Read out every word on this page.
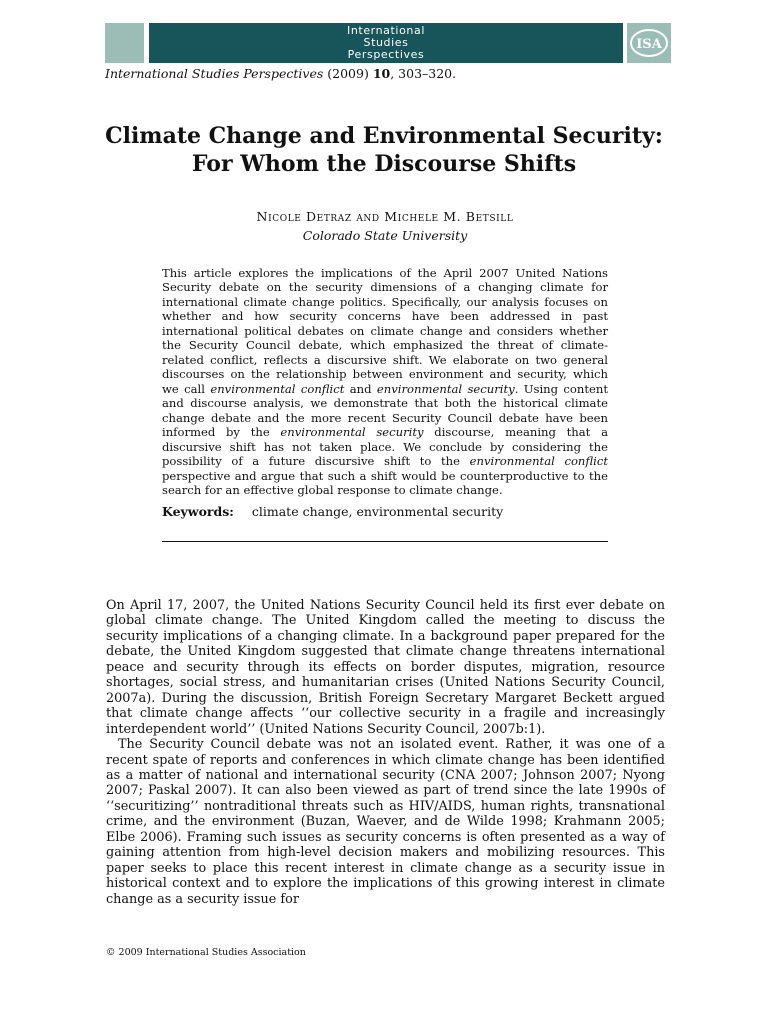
International
Studies
Perspectives
ISA
International Studies Perspectives (2009) 10, 303–320.
Climate Change and Environmental Security:
For Whom the Discourse Shifts
Nicole Detraz and Michele M. Betsill
Colorado State University

This article explores the implications of the April 2007 United Nations Security debate on the security dimensions of a changing climate for international climate change politics. Specifically, our analysis focuses on whether and how security concerns have been addressed in past international political debates on climate change and considers whether the Security Council debate, which emphasized the threat of climate-related conflict, reflects a discursive shift. We elaborate on two general discourses on the relationship between environment and security, which we call environmental conflict and environmental security. Using content and discourse analysis, we demonstrate that both the historical climate change debate and the more recent Security Council debate have been informed by the environmental security discourse, meaning that a discursive shift has not taken place. We conclude by considering the possibility of a future discursive shift to the environmental conflict perspective and argue that such a shift would be counterproductive to the search for an effective global response to climate change.

Keywords: climate change, environmental security

On April 17, 2007, the United Nations Security Council held its first ever debate on global climate change. The United Kingdom called the meeting to discuss the security implications of a changing climate. In a background paper prepared for the debate, the United Kingdom suggested that climate change threatens international peace and security through its effects on border disputes, migration, resource shortages, social stress, and humanitarian crises (United Nations Security Council, 2007a). During the discussion, British Foreign Secretary Margaret Beckett argued that climate change affects ‘‘our collective security in a fragile and increasingly interdependent world’’ (United Nations Security Council, 2007b:1).

The Security Council debate was not an isolated event. Rather, it was one of a recent spate of reports and conferences in which climate change has been identified as a matter of national and international security (CNA 2007; Johnson 2007; Nyong 2007; Paskal 2007). It can also been viewed as part of trend since the late 1990s of ‘‘securitizing’’ nontraditional threats such as HIV/AIDS, human rights, transnational crime, and the environment (Buzan, Waever, and de Wilde 1998; Krahmann 2005; Elbe 2006). Framing such issues as security concerns is often presented as a way of gaining attention from high-level decision makers and mobilizing resources. This paper seeks to place this recent interest in climate change as a security issue in historical context and to explore the implications of this growing interest in climate change as a security issue for

© 2009 International Studies Association
